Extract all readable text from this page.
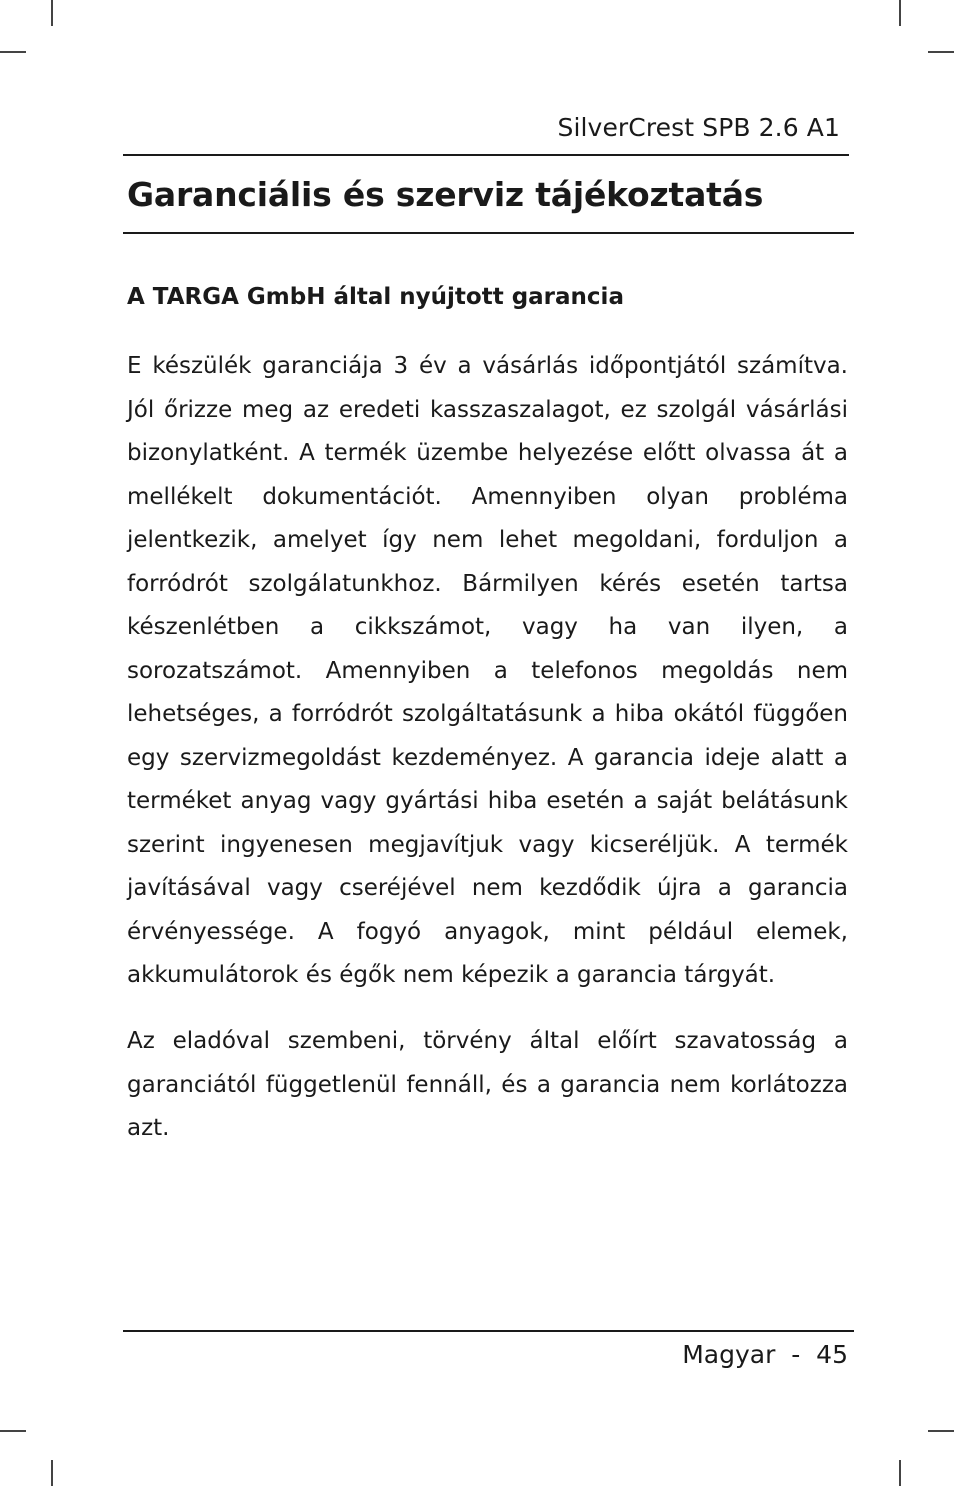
SilverCrest SPB 2.6 A1
Garanciális és szerviz tájékoztatás
A TARGA GmbH által nyújtott garancia

E készülék garanciája 3 év a vásárlás időpontjától számítva. Jól őrizze meg az eredeti kasszaszalagot, ez szolgál vásárlási bizonylatként. A termék üzembe helyezése előtt olvassa át a mellékelt dokumentációt. Amennyiben olyan probléma jelentkezik, amelyet így nem lehet megoldani, forduljon a forródrót szolgálatunkhoz. Bármilyen kérés esetén tartsa készenlétben a cikkszámot, vagy ha van ilyen, a sorozatszámot. Amennyiben a telefonos megoldás nem lehetséges, a forródrót szolgáltatásunk a hiba okától függően egy szervizmegoldást kezdeményez. A garancia ideje alatt a terméket anyag vagy gyártási hiba esetén a saját belátásunk szerint ingyenesen megjavítjuk vagy kicseréljük. A termék javításával vagy cseréjével nem kezdődik újra a garancia érvényessége. A fogyó anyagok, mint például elemek, akkumulátorok és égők nem képezik a garancia tárgyát.

Az eladóval szembeni, törvény által előírt szavatosság a garanciától függetlenül fennáll, és a garancia nem korlátozza azt.

Magyar  -  45
